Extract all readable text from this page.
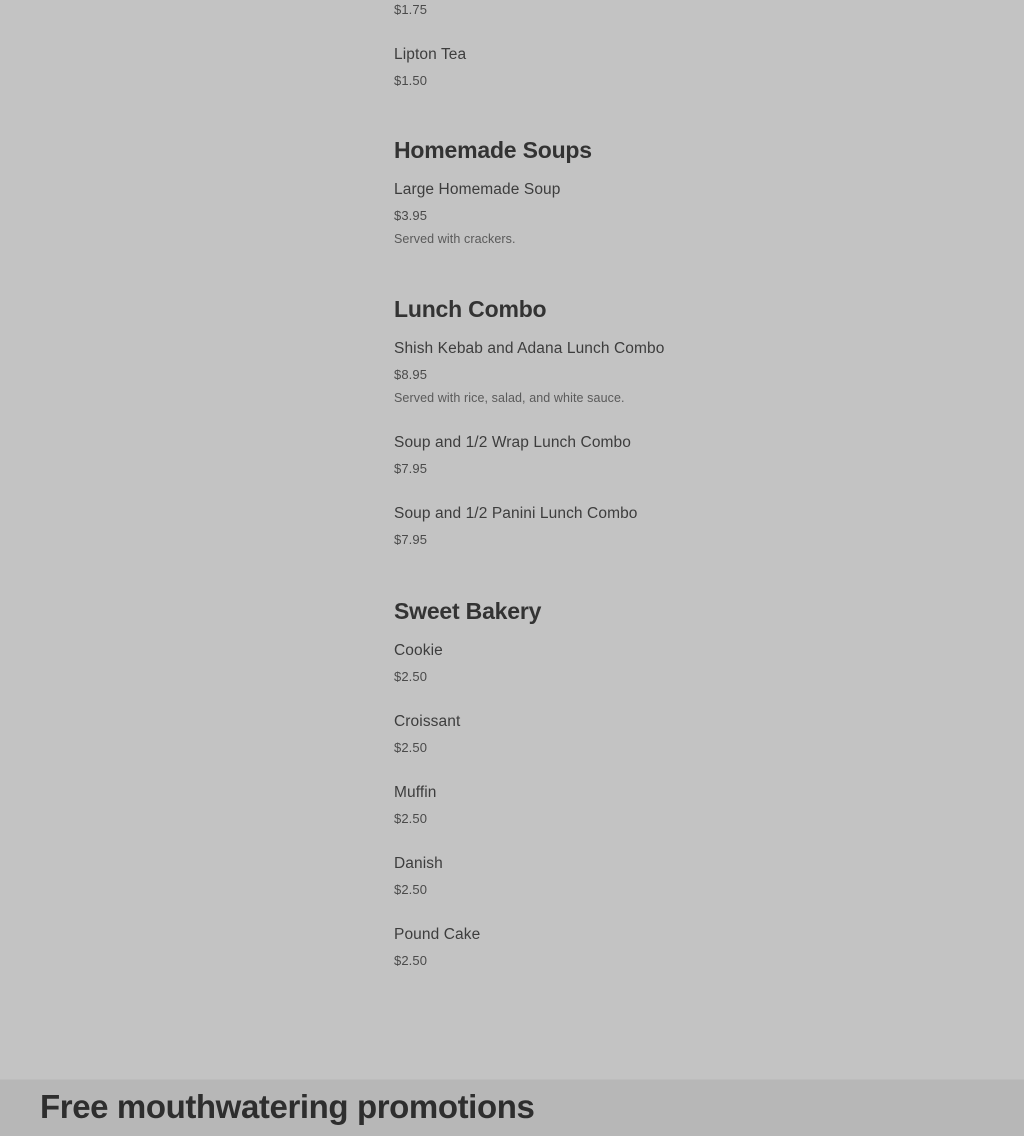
$1.75
Lipton Tea
$1.50
Homemade Soups
Large Homemade Soup
$3.95
Served with crackers.
Lunch Combo
Shish Kebab and Adana Lunch Combo
$8.95
Served with rice, salad, and white sauce.
Soup and 1/2 Wrap Lunch Combo
$7.95
Soup and 1/2 Panini Lunch Combo
$7.95
Sweet Bakery
Cookie
$2.50
Croissant
$2.50
Muffin
$2.50
Danish
$2.50
Pound Cake
$2.50
Free mouthwatering promotions
